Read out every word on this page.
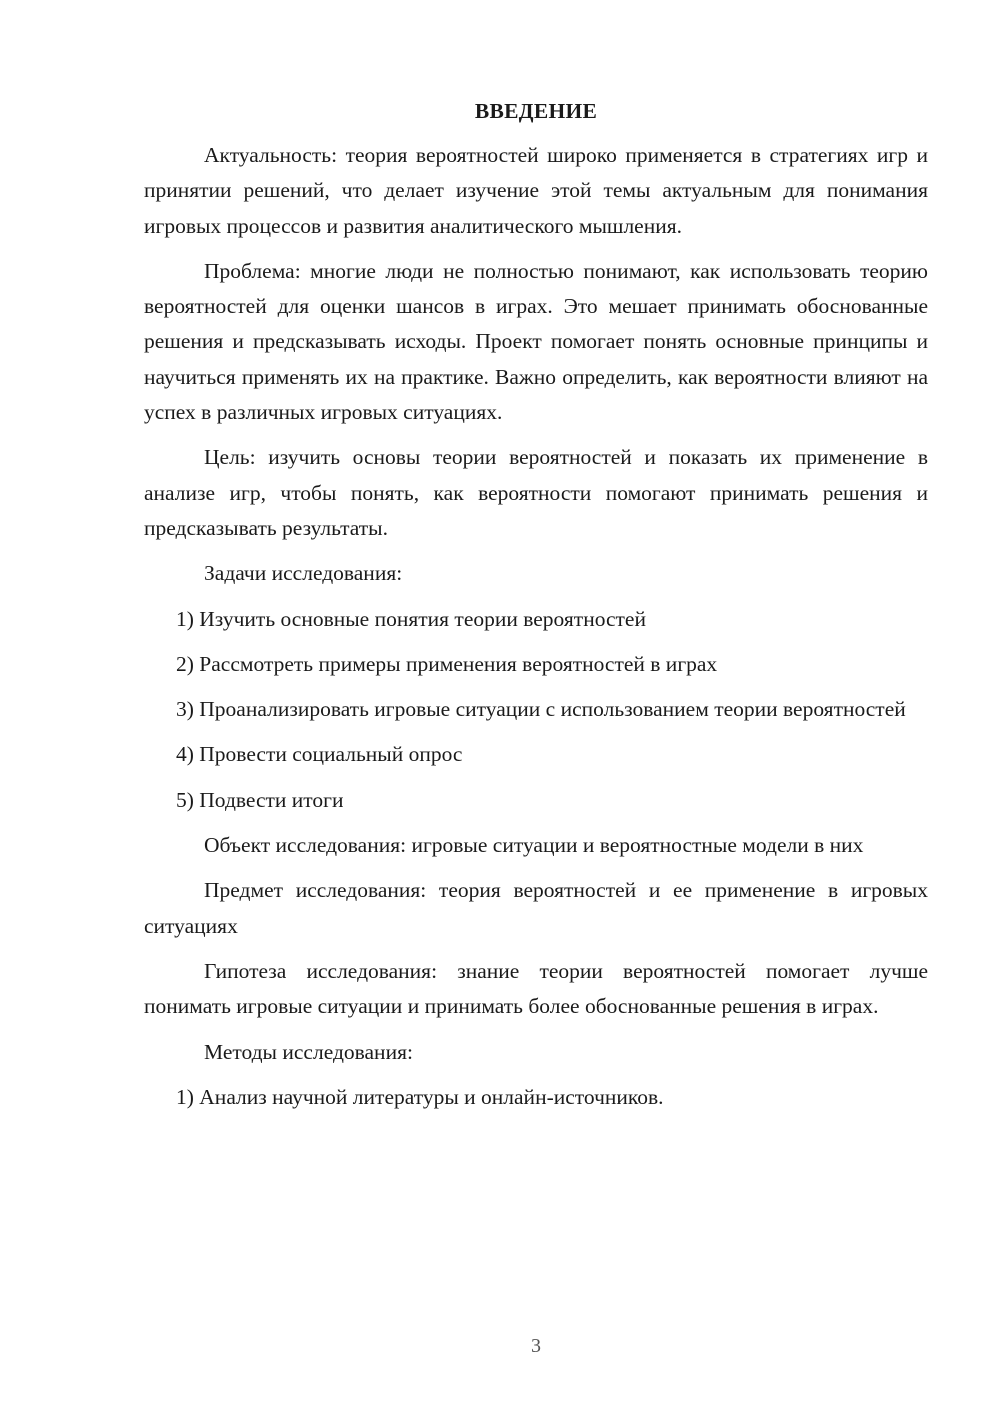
ВВЕДЕНИЕ

Актуальность: теория вероятностей широко применяется в стратегиях игр и принятии решений, что делает изучение этой темы актуальным для понимания игровых процессов и развития аналитического мышления.

Проблема: многие люди не полностью понимают, как использовать теорию вероятностей для оценки шансов в играх. Это мешает принимать обоснованные решения и предсказывать исходы. Проект помогает понять основные принципы и научиться применять их на практике. Важно определить, как вероятности влияют на успех в различных игровых ситуациях.

Цель: изучить основы теории вероятностей и показать их применение в анализе игр, чтобы понять, как вероятности помогают принимать решения и предсказывать результаты.

Задачи исследования:

1) Изучить основные понятия теории вероятностей

2) Рассмотреть примеры применения вероятностей в играх

3) Проанализировать игровые ситуации с использованием теории вероятностей

4) Провести социальный опрос

5) Подвести итоги

Объект исследования: игровые ситуации и вероятностные модели в них

Предмет исследования: теория вероятностей и ее применение в игровых ситуациях

Гипотеза исследования: знание теории вероятностей помогает лучше понимать игровые ситуации и принимать более обоснованные решения в играх.

Методы исследования:

1) Анализ научной литературы и онлайн-источников.

3
